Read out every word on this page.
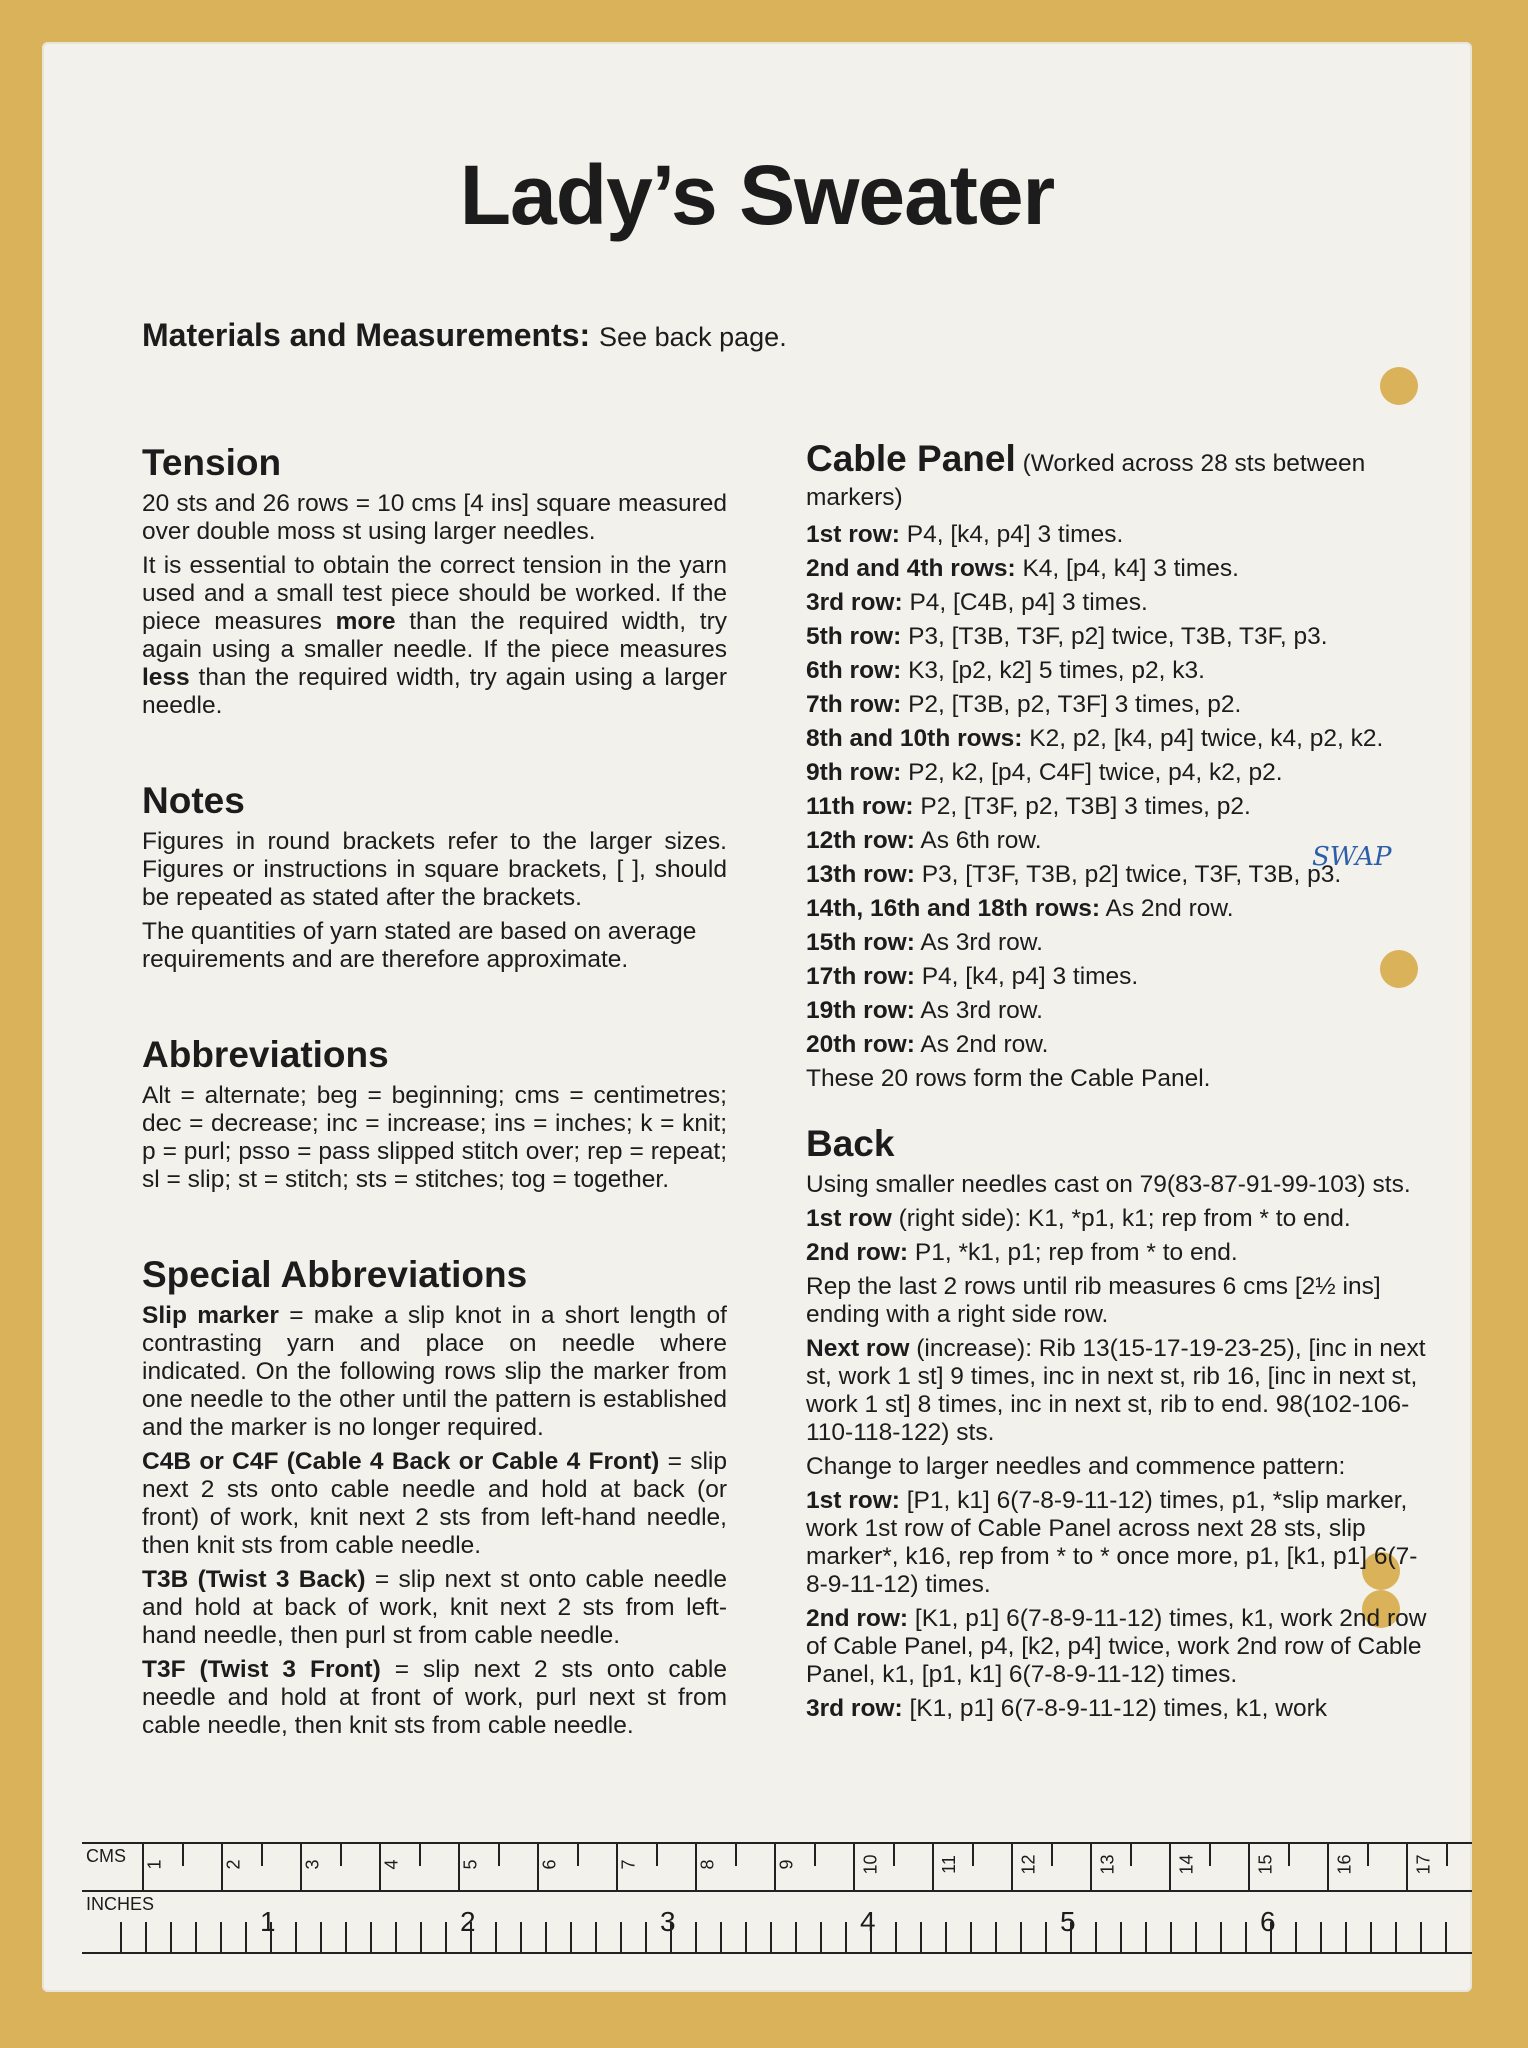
Lady’s Sweater
Materials and Measurements: See back page.
Tension

20 sts and 26 rows = 10 cms [4 ins] square measured over double moss st using larger needles.

It is essential to obtain the correct tension in the yarn used and a small test piece should be worked. If the piece measures more than the required width, try again using a smaller needle. If the piece measures less than the required width, try again using a larger needle.

Notes

Figures in round brackets refer to the larger sizes. Figures or instructions in square brackets, [ ], should be repeated as stated after the brackets.

The quantities of yarn stated are based on average requirements and are therefore approximate.

Abbreviations

Alt = alternate; beg = beginning; cms = centimetres; dec = decrease; inc = increase; ins = inches; k = knit; p = purl; psso = pass slipped stitch over; rep = repeat; sl = slip; st = stitch; sts = stitches; tog = together.

Special Abbreviations

Slip marker = make a slip knot in a short length of contrasting yarn and place on needle where indicated. On the following rows slip the marker from one needle to the other until the pattern is established and the marker is no longer required.

C4B or C4F (Cable 4 Back or Cable 4 Front) = slip next 2 sts onto cable needle and hold at back (or front) of work, knit next 2 sts from left-hand needle, then knit sts from cable needle.

T3B (Twist 3 Back) = slip next st onto cable needle and hold at back of work, knit next 2 sts from left-hand needle, then purl st from cable needle.

T3F (Twist 3 Front) = slip next 2 sts onto cable needle and hold at front of work, purl next st from cable needle, then knit sts from cable needle.

Cable Panel (Worked across 28 sts between markers)

1st row: P4, [k4, p4] 3 times.

2nd and 4th rows: K4, [p4, k4] 3 times.

3rd row: P4, [C4B, p4] 3 times.

5th row: P3, [T3B, T3F, p2] twice, T3B, T3F, p3.

6th row: K3, [p2, k2] 5 times, p2, k3.

7th row: P2, [T3B, p2, T3F] 3 times, p2.

8th and 10th rows: K2, p2, [k4, p4] twice, k4, p2, k2.

9th row: P2, k2, [p4, C4F] twice, p4, k2, p2.

11th row: P2, [T3F, p2, T3B] 3 times, p2.

12th row: As 6th row.

13th row: P3, [T3F, T3B, p2] twice, T3F, T3B, p3.

14th, 16th and 18th rows: As 2nd row.

15th row: As 3rd row.

17th row: P4, [k4, p4] 3 times.

19th row: As 3rd row.

20th row: As 2nd row.

These 20 rows form the Cable Panel.

Back

Using smaller needles cast on 79(83-87-91-99-103) sts.

1st row (right side): K1, *p1, k1; rep from * to end.

2nd row: P1, *k1, p1; rep from * to end.

Rep the last 2 rows until rib measures 6 cms [2½ ins] ending with a right side row.

Next row (increase): Rib 13(15-17-19-23-25), [inc in next st, work 1 st] 9 times, inc in next st, rib 16, [inc in next st, work 1 st] 8 times, inc in next st, rib to end. 98(102-106-110-118-122) sts.

Change to larger needles and commence pattern:

1st row: [P1, k1] 6(7-8-9-11-12) times, p1, *slip marker, work 1st row of Cable Panel across next 28 sts, slip marker*, k16, rep from * to * once more, p1, [k1, p1] 6(7-8-9-11-12) times.

2nd row: [K1, p1] 6(7-8-9-11-12) times, k1, work 2nd row of Cable Panel, p4, [k2, p4] twice, work 2nd row of Cable Panel, k1, [p1, k1] 6(7-8-9-11-12) times.

3rd row: [K1, p1] 6(7-8-9-11-12) times, k1, work

SWAP
CMS
INCHES
1	2	3	4	5	6	7	8	9	10	11	12	13	14	15	16	17
1	2	3	4	5	6
